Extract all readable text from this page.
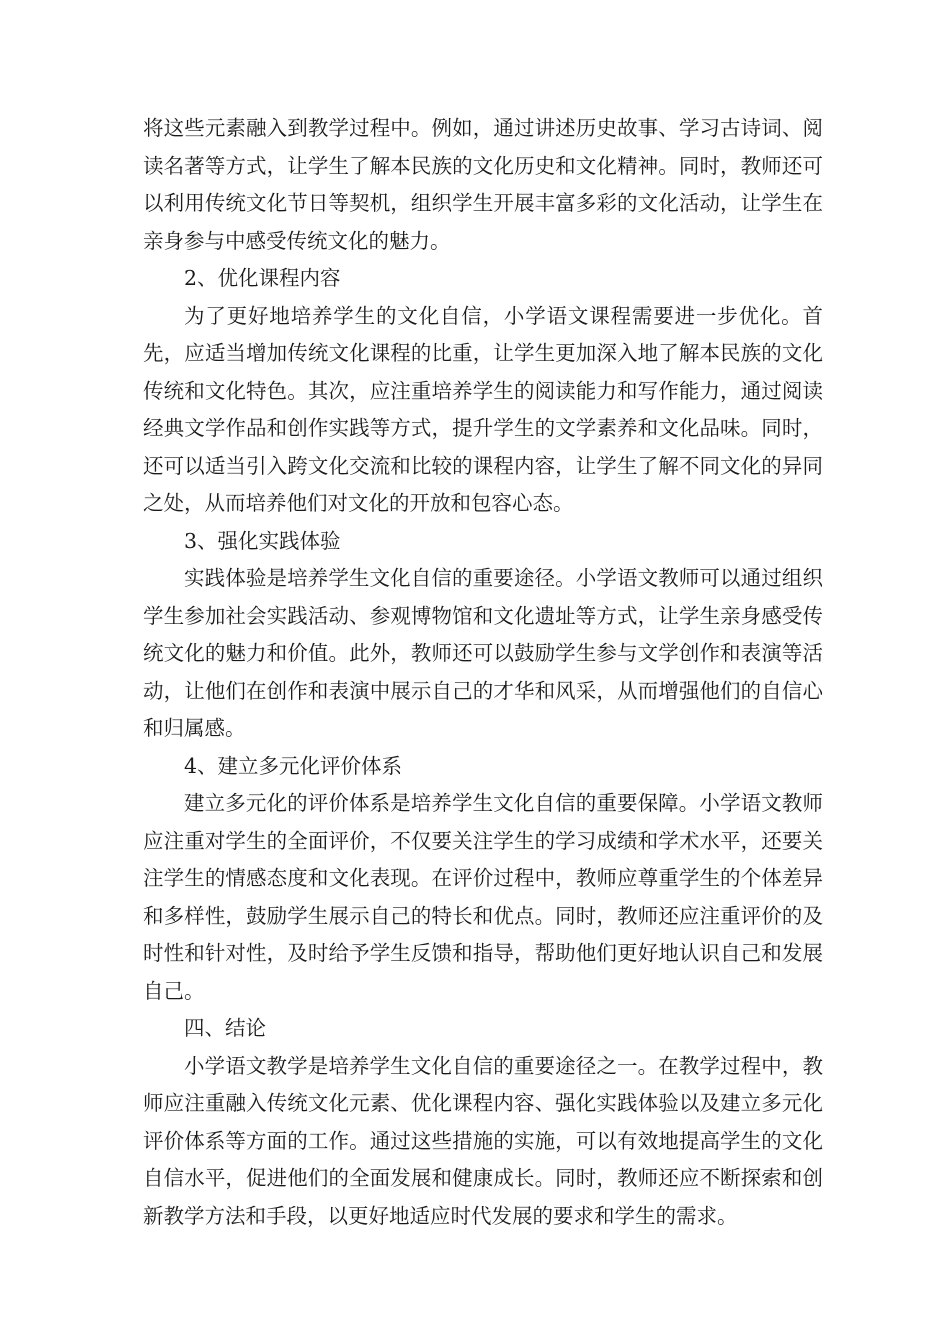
将这些元素融入到教学过程中。例如，通过讲述历史故事、学习古诗词、阅读名著等方式，让学生了解本民族的文化历史和文化精神。同时，教师还可以利用传统文化节日等契机，组织学生开展丰富多彩的文化活动，让学生在亲身参与中感受传统文化的魅力。

2、优化课程内容

为了更好地培养学生的文化自信，小学语文课程需要进一步优化。首先，应适当增加传统文化课程的比重，让学生更加深入地了解本民族的文化传统和文化特色。其次，应注重培养学生的阅读能力和写作能力，通过阅读经典文学作品和创作实践等方式，提升学生的文学素养和文化品味。同时，还可以适当引入跨文化交流和比较的课程内容，让学生了解不同文化的异同之处，从而培养他们对文化的开放和包容心态。

3、强化实践体验

实践体验是培养学生文化自信的重要途径。小学语文教师可以通过组织学生参加社会实践活动、参观博物馆和文化遗址等方式，让学生亲身感受传统文化的魅力和价值。此外，教师还可以鼓励学生参与文学创作和表演等活动，让他们在创作和表演中展示自己的才华和风采，从而增强他们的自信心和归属感。

4、建立多元化评价体系

建立多元化的评价体系是培养学生文化自信的重要保障。小学语文教师应注重对学生的全面评价，不仅要关注学生的学习成绩和学术水平，还要关注学生的情感态度和文化表现。在评价过程中，教师应尊重学生的个体差异和多样性，鼓励学生展示自己的特长和优点。同时，教师还应注重评价的及时性和针对性，及时给予学生反馈和指导，帮助他们更好地认识自己和发展自己。

四、结论

小学语文教学是培养学生文化自信的重要途径之一。在教学过程中，教师应注重融入传统文化元素、优化课程内容、强化实践体验以及建立多元化评价体系等方面的工作。通过这些措施的实施，可以有效地提高学生的文化自信水平，促进他们的全面发展和健康成长。同时，教师还应不断探索和创新教学方法和手段，以更好地适应时代发展的要求和学生的需求。
